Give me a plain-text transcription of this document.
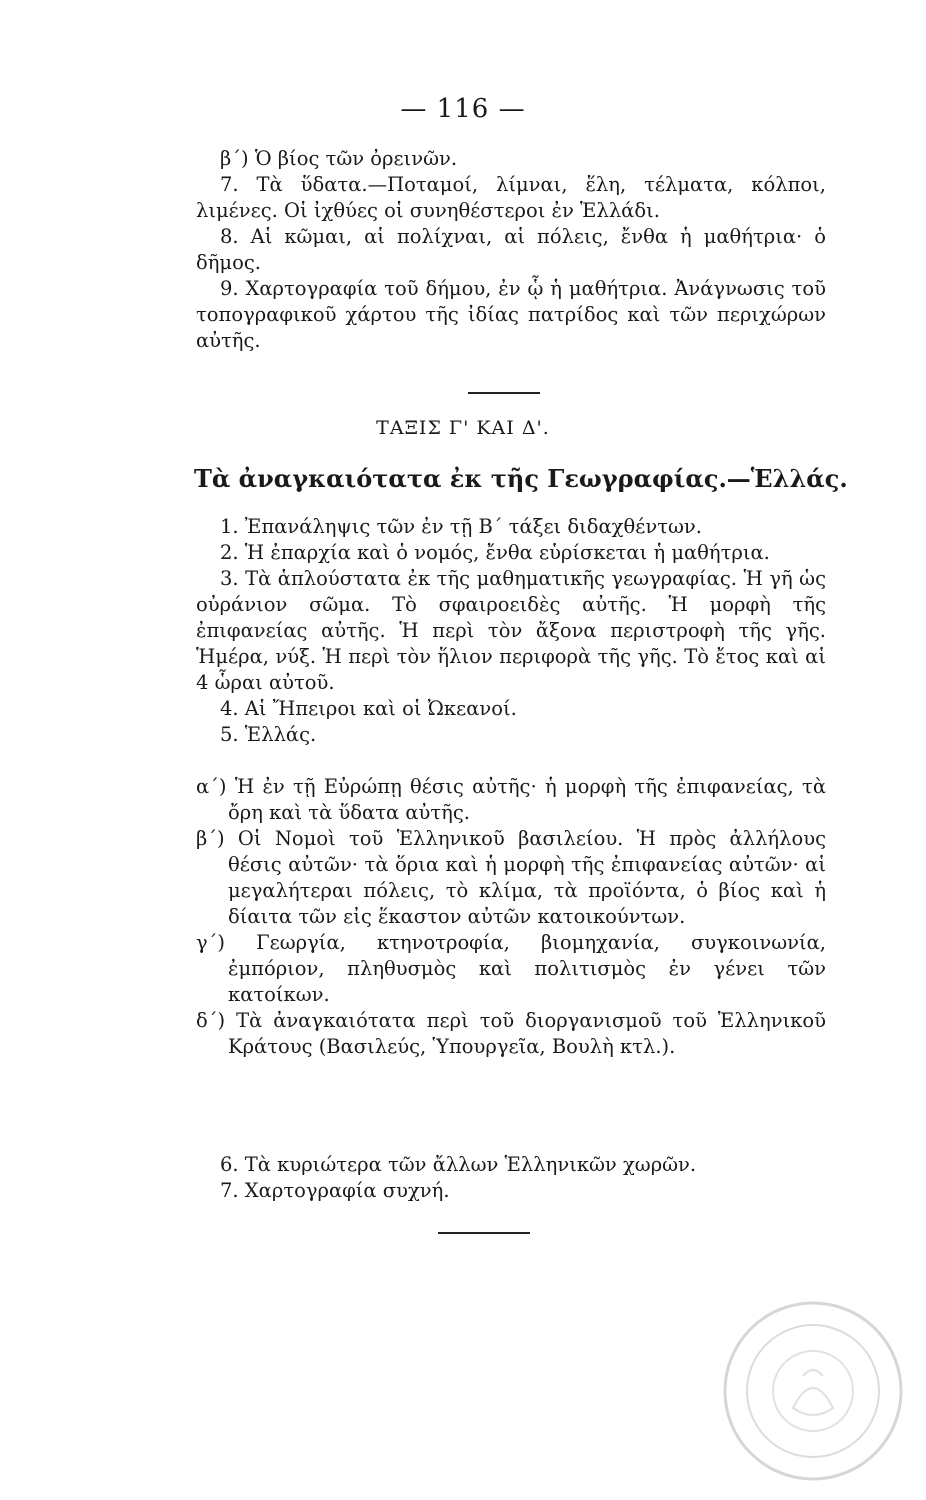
— 116 —

β΄) Ὁ βίος τῶν ὀρεινῶν.

7. Τὰ ὕδατα.—Ποταμοί, λίμναι, ἕλη, τέλματα, κόλποι, λιμένες. Οἱ ἰχθύες οἱ συνηθέστεροι ἐν Ἑλλάδι.

8. Αἱ κῶμαι, αἱ πολίχναι, αἱ πόλεις, ἔνθα ἡ μαθήτρια· ὁ δῆμος.

9. Χαρτογραφία τοῦ δήμου, ἐν ᾧ ἡ μαθήτρια. Ἀνάγνωσις τοῦ τοπογραφικοῦ χάρτου τῆς ἰδίας πατρίδος καὶ τῶν περιχώρων αὐτῆς.

ΤΑΞΙΣ Γ' ΚΑΙ Δ'.
Τὰ ἀναγκαιότατα ἐκ τῆς Γεωγραφίας.—Ἑλλάς.

1. Ἐπανάληψις τῶν ἐν τῇ Β΄ τάξει διδαχθέντων.

2. Ἡ ἐπαρχία καὶ ὁ νομός, ἔνθα εὑρίσκεται ἡ μαθήτρια.

3. Τὰ ἁπλούστατα ἐκ τῆς μαθηματικῆς γεωγραφίας. Ἡ γῆ ὡς οὐράνιον σῶμα. Τὸ σφαιροειδὲς αὐτῆς. Ἡ μορφὴ τῆς ἐπιφανείας αὐτῆς. Ἡ περὶ τὸν ἄξονα περιστροφὴ τῆς γῆς. Ἡμέρα, νύξ. Ἡ περὶ τὸν ἥλιον περιφορὰ τῆς γῆς. Τὸ ἔτος καὶ αἱ 4 ὧραι αὐτοῦ.

4. Αἱ Ἤπειροι καὶ οἱ Ὠκεανοί.

5. Ἑλλάς.

α΄) Ἡ ἐν τῇ Εὐρώπῃ θέσις αὐτῆς· ἡ μορφὴ τῆς ἐπιφανείας, τὰ ὄρη καὶ τὰ ὕδατα αὐτῆς.

β΄) Οἱ Νομοὶ τοῦ Ἑλληνικοῦ βασιλείου. Ἡ πρὸς ἀλλήλους θέσις αὐτῶν· τὰ ὅρια καὶ ἡ μορφὴ τῆς ἐπιφανείας αὐτῶν· αἱ μεγαλήτεραι πόλεις, τὸ κλίμα, τὰ προϊόντα, ὁ βίος καὶ ἡ δίαιτα τῶν εἰς ἕκαστον αὐτῶν κατοικούντων.

γ΄) Γεωργία, κτηνοτροφία, βιομηχανία, συγκοινωνία, ἐμπόριον, πληθυσμὸς καὶ πολιτισμὸς ἐν γένει τῶν κατοίκων.

δ΄) Τὰ ἀναγκαιότατα περὶ τοῦ διοργανισμοῦ τοῦ Ἑλληνικοῦ Κράτους (Βασιλεύς, Ὑπουργεῖα, Βουλὴ κτλ.).

6. Τὰ κυριώτερα τῶν ἄλλων Ἑλληνικῶν χωρῶν.

7. Χαρτογραφία συχνή.
